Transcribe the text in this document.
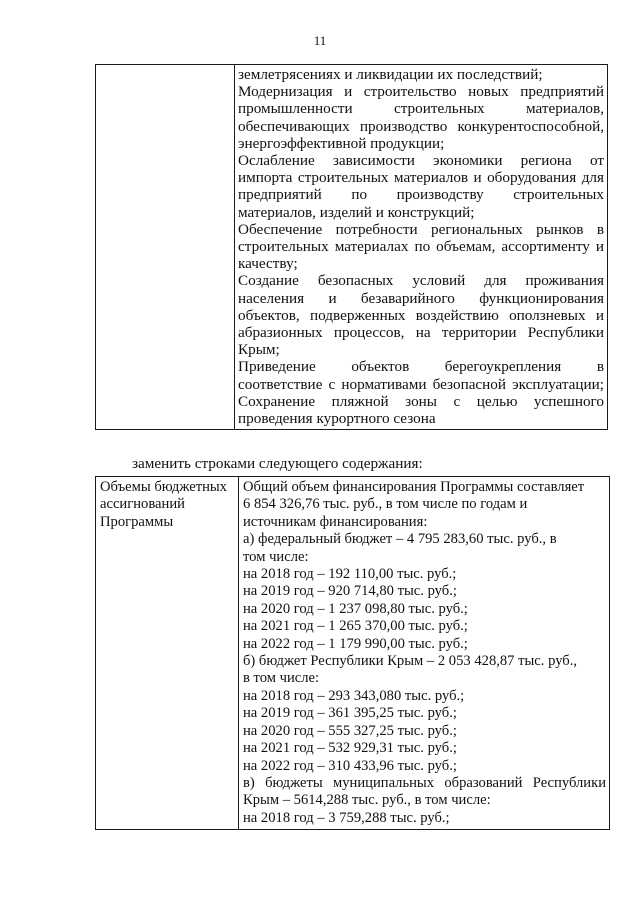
11

землетрясениях и ликвидации их последствий;
Модернизация и строительство новых предприятий
промышленности строительных материалов,
обеспечивающих производство конкурентоспособной,
энергоэффективной продукции;
Ослабление зависимости экономики региона от
импорта строительных материалов и оборудования для
предприятий по производству строительных
материалов, изделий и конструкций;
Обеспечение потребности региональных рынков в
строительных материалах по объемам, ассортименту и
качеству;
Создание безопасных условий для проживания
населения и безаварийного функционирования
объектов, подверженных воздействию оползневых и
абразионных процессов, на территории Республики
Крым;
Приведение объектов берегоукрепления в
соответствие с нормативами безопасной эксплуатации;
Сохранение пляжной зоны с целью успешного
проведения курортного сезона
заменить строками следующего содержания:
Объемы бюджетных
ассигнований
Программы

Общий объем финансирования Программы составляет
6 854 326,76 тыс. руб., в том числе по годам и
источникам финансирования:
а) федеральный бюджет – 4 795 283,60 тыс. руб., в
том числе:
на 2018 год – 192 110,00 тыс. руб.;
на 2019 год – 920 714,80 тыс. руб.;
на 2020 год – 1 237 098,80 тыс. руб.;
на 2021 год – 1 265 370,00 тыс. руб.;
на 2022 год – 1 179 990,00 тыс. руб.;
б) бюджет Республики Крым – 2 053 428,87 тыс. руб.,
в том числе:
на 2018 год – 293 343,080 тыс. руб.;
на 2019 год – 361 395,25 тыс. руб.;
на 2020 год – 555 327,25 тыс. руб.;
на 2021 год – 532 929,31 тыс. руб.;
на 2022 год – 310 433,96 тыс. руб.;
в) бюджеты муниципальных образований Республики
Крым – 5614,288 тыс. руб., в том числе:
на 2018 год – 3 759,288 тыс. руб.;
